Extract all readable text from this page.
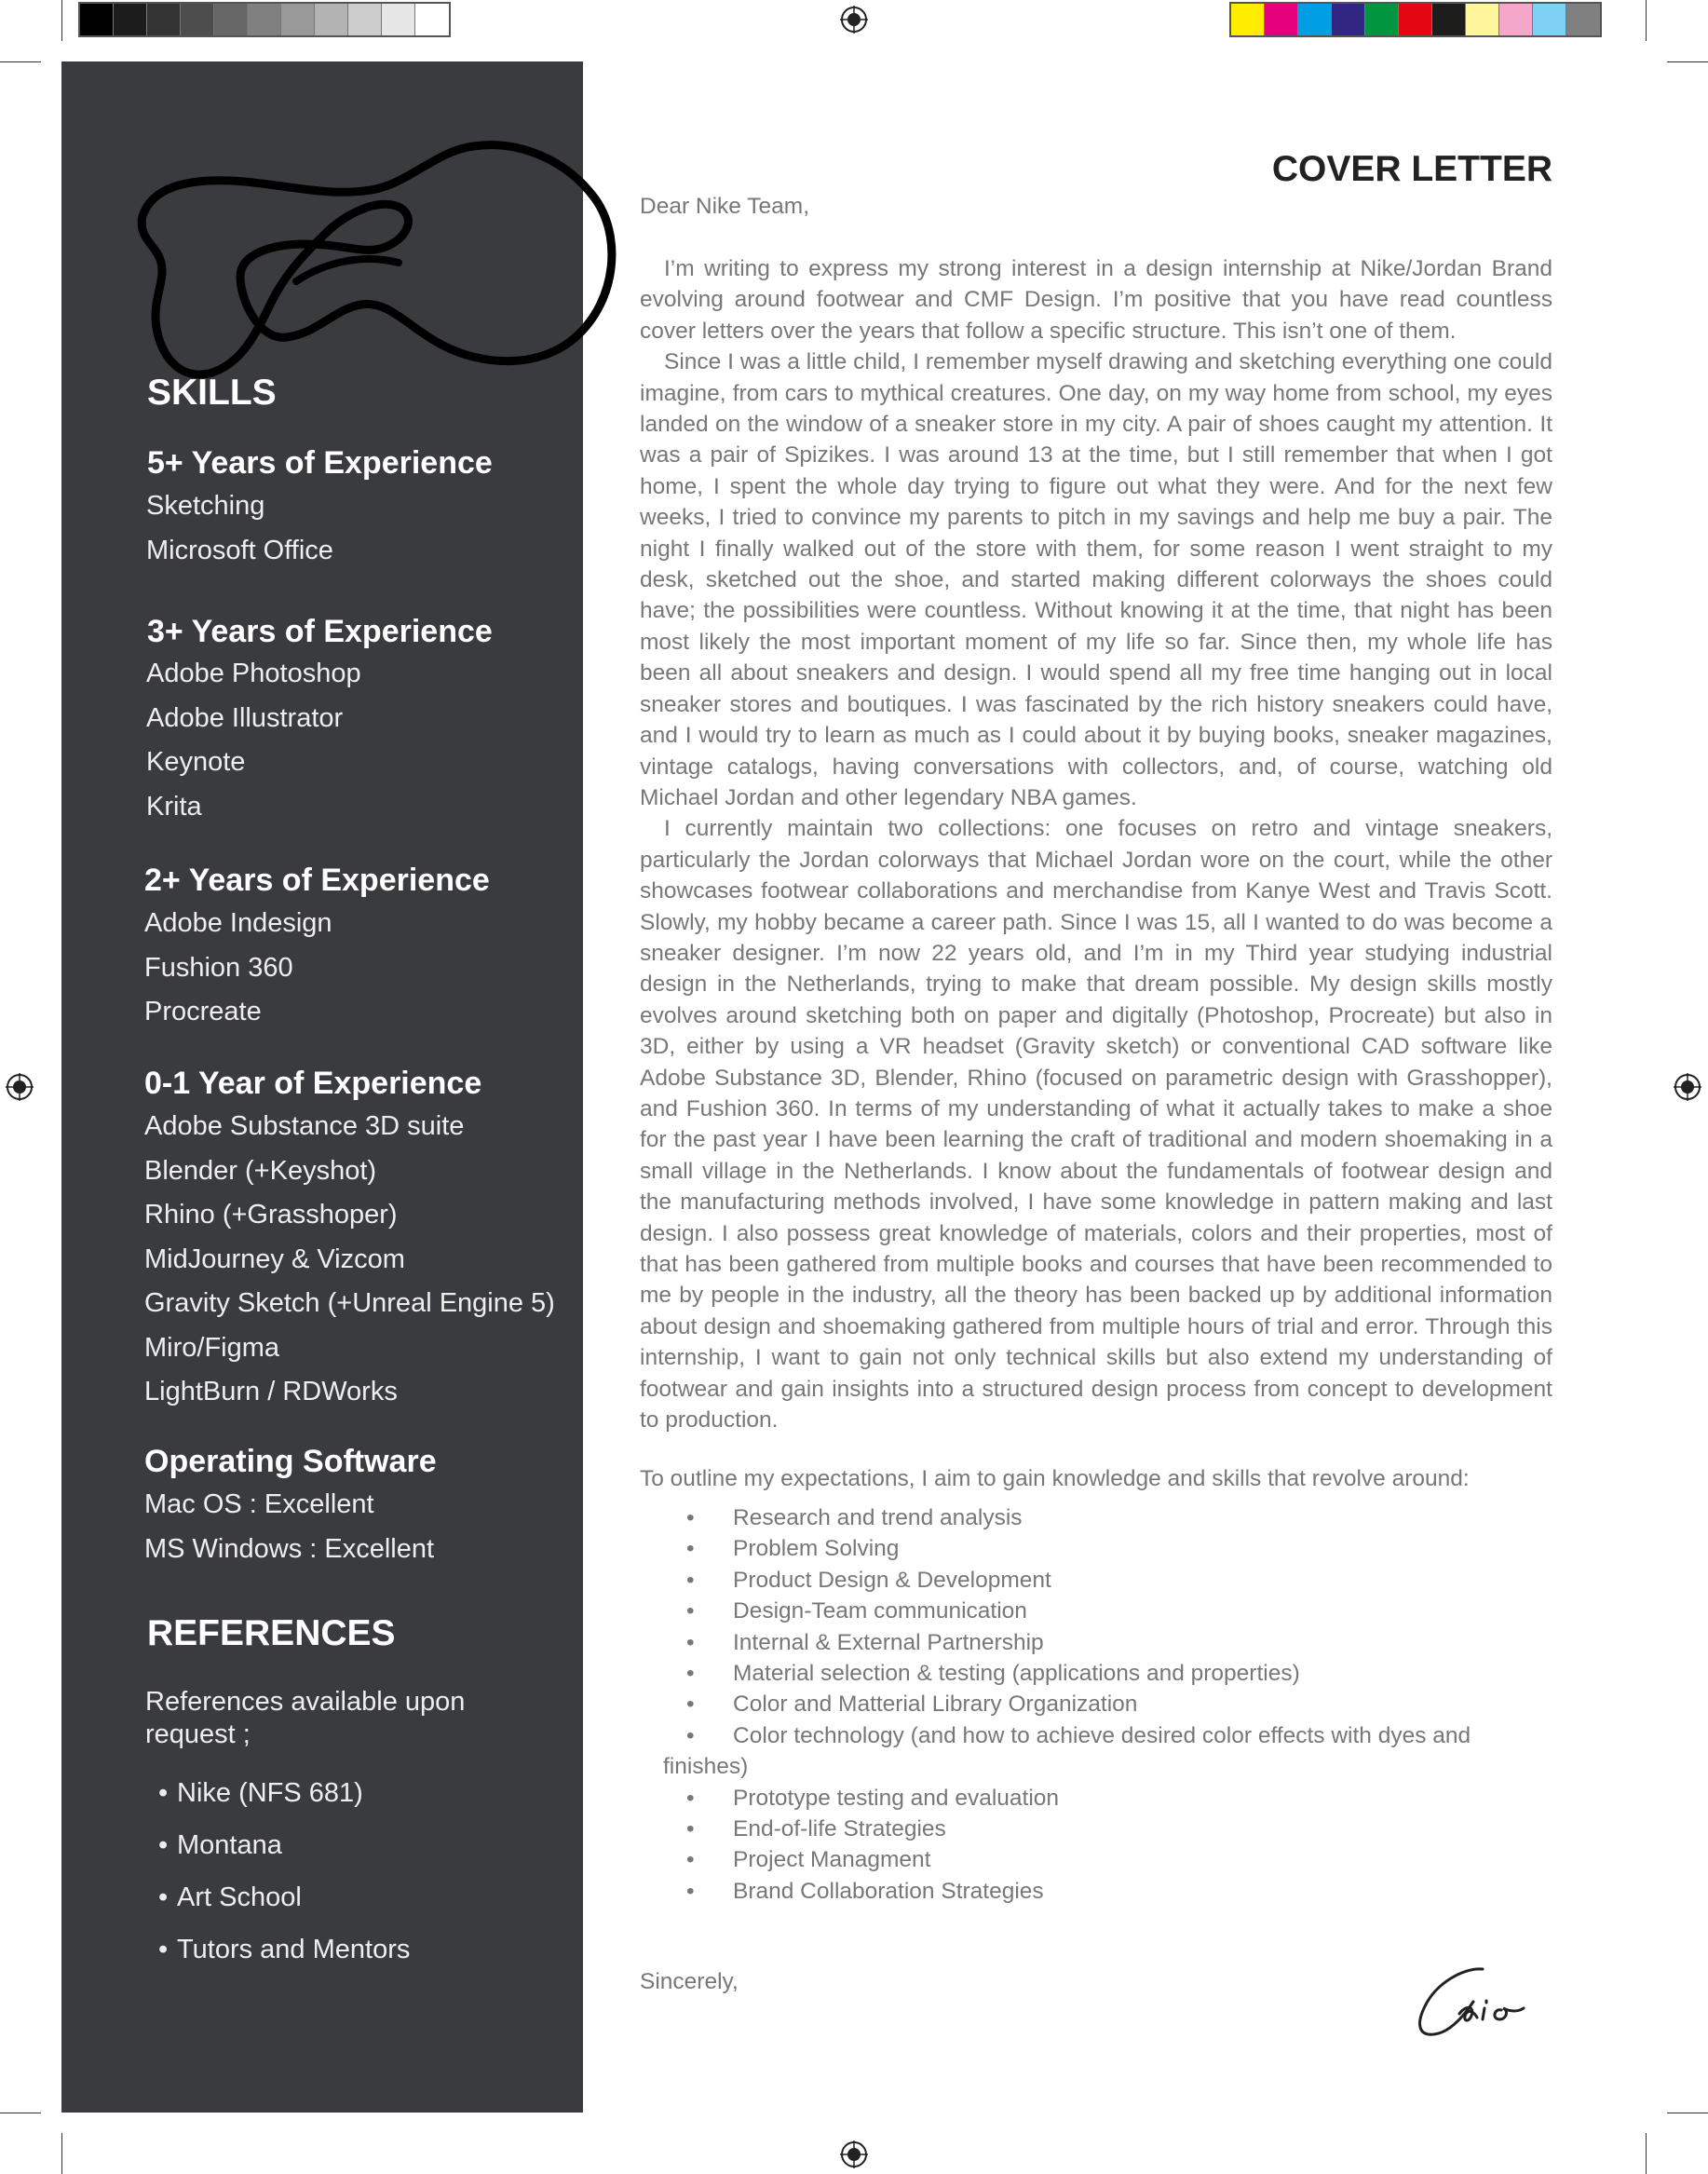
SKILLS
5+ Years of Experience
Sketching
Microsoft Office
3+ Years of Experience
Adobe Photoshop
Adobe Illustrator
Keynote
Krita
2+ Years of Experience
Adobe Indesign
Fushion 360
Procreate
0-1 Year of Experience
Adobe Substance 3D suite
Blender (+Keyshot)
Rhino (+Grasshoper)
MidJourney & Vizcom
Gravity Sketch (+Unreal Engine 5)
Miro/Figma
LightBurn / RDWorks
Operating Software
Mac OS : Excellent
MS Windows : Excellent
REFERENCES
References available upon request ;
• Nike (NFS 681)
• Montana
• Art School
• Tutors and Mentors
COVER LETTER
Dear Nike Team,

I’m writing to express my strong interest in a design internship at Nike/Jordan Brand evolving around footwear and CMF Design. I’m positive that you have read countless cover letters over the years that follow a specific structure. This isn’t one of them.

Since I was a little child, I remember myself drawing and sketching everything one could imagine, from cars to mythical creatures. One day, on my way home from school, my eyes landed on the window of a sneaker store in my city. A pair of shoes caught my attention. It was a pair of Spizikes. I was around 13 at the time, but I still remember that when I got home, I spent the whole day trying to figure out what they were. And for the next few weeks, I tried to convince my parents to pitch in my savings and help me buy a pair. The night I finally walked out of the store with them, for some reason I went straight to my desk, sketched out the shoe, and started making different colorways the shoes could have; the possibilities were countless. Without knowing it at the time, that night has been most likely the most important moment of my life so far. Since then, my whole life has been all about sneakers and design. I would spend all my free time hanging out in local sneaker stores and boutiques. I was fascinated by the rich history sneakers could have, and I would try to learn as much as I could about it by buying books, sneaker magazines, vintage catalogs, having conversations with collectors, and, of course, watching old Michael Jordan and other legendary NBA games.

I currently maintain two collections: one focuses on retro and vintage sneakers, particularly the Jordan colorways that Michael Jordan wore on the court, while the other showcases footwear collaborations and merchandise from Kanye West and Travis Scott. Slowly, my hobby became a career path. Since I was 15, all I wanted to do was become a sneaker designer. I’m now 22 years old, and I’m in my Third year studying industrial design in the Netherlands, trying to make that dream possible. My design skills mostly evolves around sketching both on paper and digitally (Photoshop, Procreate) but also in 3D, either by using a VR headset (Gravity sketch) or conventional CAD software like Adobe Substance 3D, Blender, Rhino (focused on parametric design with Grasshopper), and Fushion 360. In terms of my understanding of what it actually takes to make a shoe for the past year I have been learning the craft of traditional and modern shoemaking in a small village in the Netherlands. I know about the fundamentals of footwear design and the manufacturing methods involved, I have some knowledge in pattern making and last design. I also possess great knowledge of materials, colors and their properties, most of that has been gathered from multiple books and courses that have been recommended to me by people in the industry, all the theory has been backed up by additional information about design and shoemaking gathered from multiple hours of trial and error. Through this internship, I want to gain not only technical skills but also extend my understanding of footwear and gain insights into a structured design process from concept to development to production.

To outline my expectations, I aim to gain knowledge and skills that revolve around:
• Research and trend analysis
• Problem Solving
• Product Design & Development
• Design-Team communication
• Internal & External Partnership
• Material selection & testing (applications and properties)
• Color and Matterial Library Organization
• Color technology (and how to achieve desired color effects with dyes and finishes)
• Prototype testing and evaluation
• End-of-life Strategies
• Project Managment
• Brand Collaboration Strategies
Sincerely,
